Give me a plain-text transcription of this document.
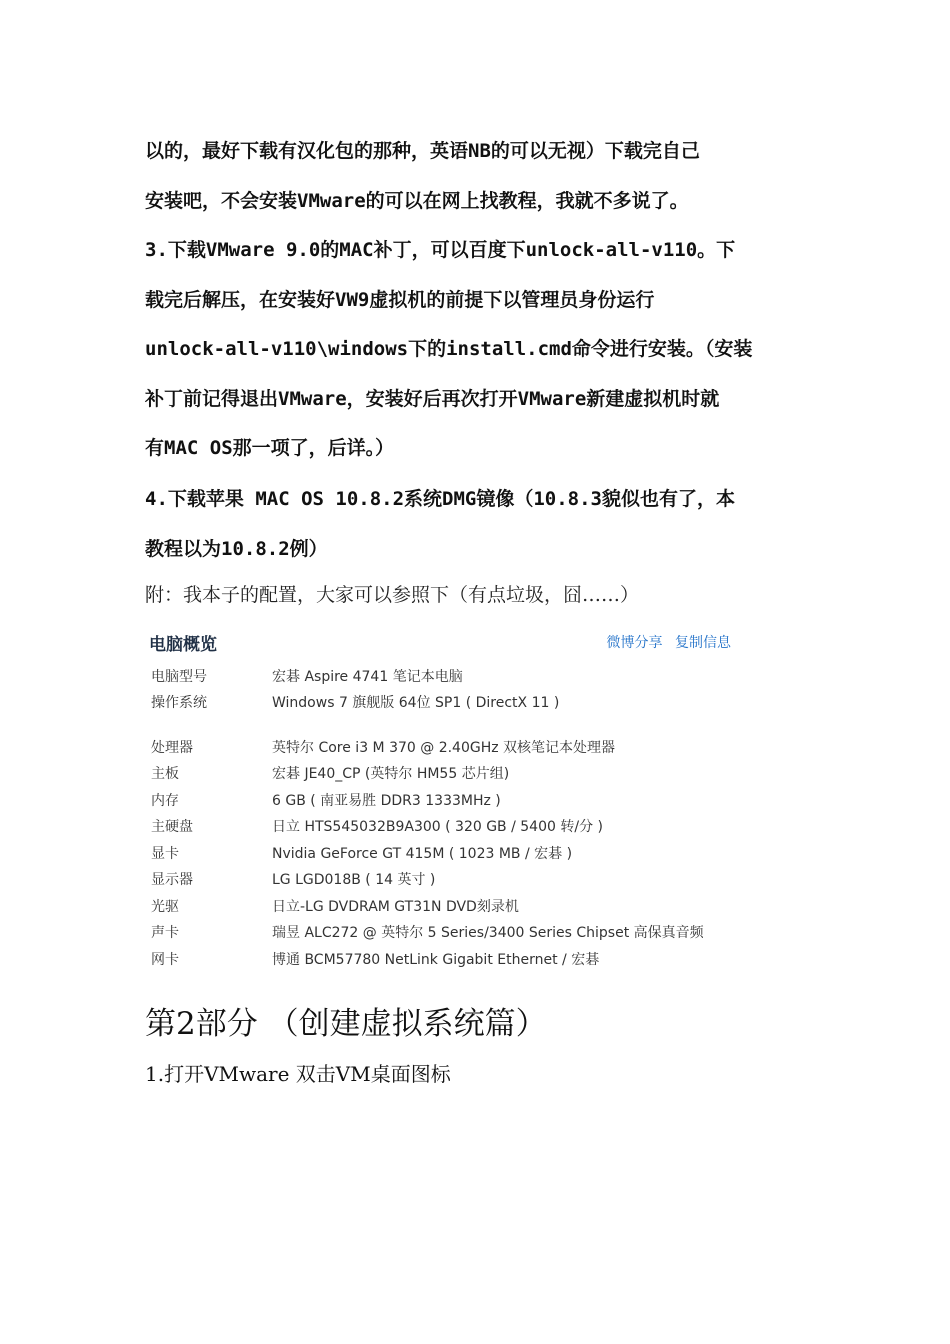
以的，最好下载有汉化包的那种，英语NB的可以无视）下载完自己
安装吧，不会安装VMware的可以在网上找教程，我就不多说了。
3.下载VMware 9.0的MAC补丁，可以百度下unlock-all-v110。下
载完后解压，在安装好VW9虚拟机的前提下以管理员身份运行
unlock-all-v110\windows下的install.cmd命令进行安装。（安装
补丁前记得退出VMware，安装好后再次打开VMware新建虚拟机时就
有MAC OS那一项了，后详。）
4.下载苹果 MAC OS 10.8.2系统DMG镜像（10.8.3貌似也有了，本
教程以为10.8.2例）

附：我本子的配置，大家可以参照下（有点垃圾，囧……）

电脑概览	微博分享 复制信息
电脑型号	宏碁 Aspire 4741 笔记本电脑
操作系统	Windows 7 旗舰版 64位 SP1 ( DirectX 11 )
处理器	英特尔 Core i3 M 370 @ 2.40GHz 双核笔记本处理器
主板	宏碁 JE40_CP (英特尔 HM55 芯片组)
内存	6 GB ( 南亚易胜 DDR3 1333MHz )
主硬盘	日立 HTS545032B9A300 ( 320 GB / 5400 转/分 )
显卡	Nvidia GeForce GT 415M ( 1023 MB / 宏碁 )
显示器	LG LGD018B ( 14 英寸 )
光驱	日立-LG DVDRAM GT31N DVD刻录机
声卡	瑞昱 ALC272 @ 英特尔 5 Series/3400 Series Chipset 高保真音频
网卡	博通 BCM57780 NetLink Gigabit Ethernet / 宏碁
第2部分 （创建虚拟系统篇）

1.打开VMware 双击VM桌面图标
